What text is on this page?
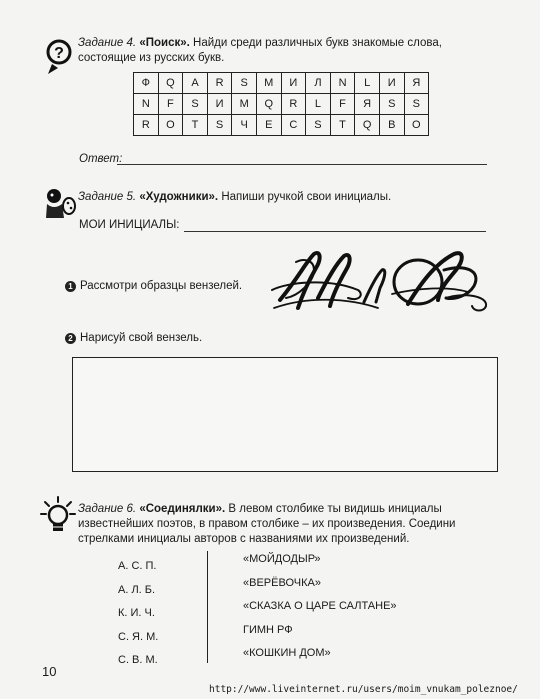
?
Задание 4. «Поиск». Найди среди различных букв знакомые слова,
состоящие из русских букв.
Ф	Q	A	R	S	M	И	Л	N	L	И	Я
N	F	S	И	M	Q	R	L	F	Я	S	S
R	O	T	S	Ч	E	C	S	T	Q	B	O
Ответ:
Задание 5. «Художники». Напиши ручкой свои инициалы.
МОИ ИНИЦИАЛЫ:
1 Рассмотри образцы вензелей.
2 Нарисуй свой вензель.
Задание 6. «Соединялки». В левом столбике ты видишь инициалы
известнейших поэтов, в правом столбике – их произведения. Соедини
стрелками инициалы авторов с названиями их произведений.
А. С. П.
А. Л. Б.
К. И. Ч.
С. Я. М.
С. В. М.
«МОЙДОДЫР»
«ВЕРЁВОЧКА»
«СКАЗКА О ЦАРЕ САЛТАНЕ»
ГИМН РФ
«КОШКИН ДОМ»
10
http://www.liveinternet.ru/users/moim_vnukam_poleznoe/
